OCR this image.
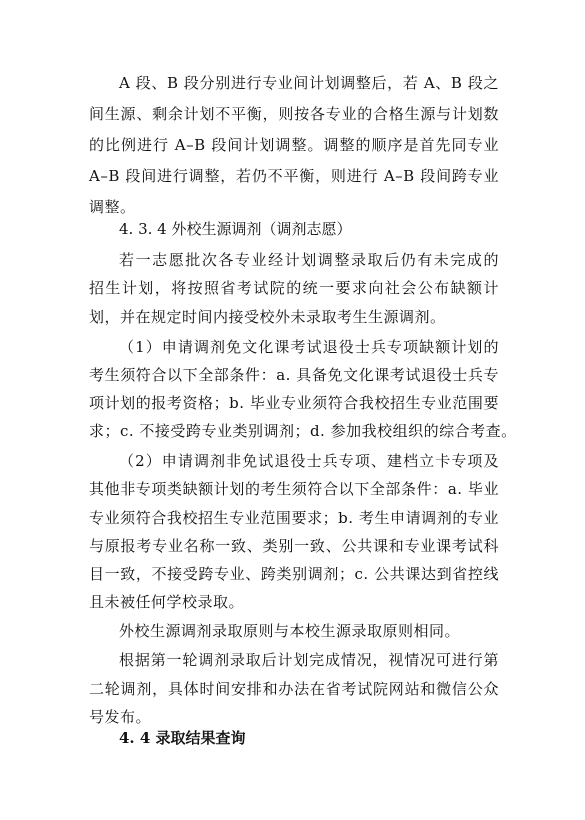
A 段、B 段分别进行专业间计划调整后，若 A、B 段之
间生源、剩余计划不平衡，则按各专业的合格生源与计划数
的比例进行 A–B 段间计划调整。调整的顺序是首先同专业
A–B 段间进行调整，若仍不平衡，则进行 A–B 段间跨专业
调整。
4. 3. 4 外校生源调剂（调剂志愿）
若一志愿批次各专业经计划调整录取后仍有未完成的
招生计划，将按照省考试院的统一要求向社会公布缺额计
划，并在规定时间内接受校外未录取考生生源调剂。
（1）申请调剂免文化课考试退役士兵专项缺额计划的
考生须符合以下全部条件：a. 具备免文化课考试退役士兵专
项计划的报考资格；b. 毕业专业须符合我校招生专业范围要
求；c. 不接受跨专业类别调剂；d. 参加我校组织的综合考查。
（2）申请调剂非免试退役士兵专项、建档立卡专项及
其他非专项类缺额计划的考生须符合以下全部条件：a. 毕业
专业须符合我校招生专业范围要求；b. 考生申请调剂的专业
与原报考专业名称一致、类别一致、公共课和专业课考试科
目一致，不接受跨专业、跨类别调剂；c. 公共课达到省控线
且未被任何学校录取。
外校生源调剂录取原则与本校生源录取原则相同。
根据第一轮调剂录取后计划完成情况，视情况可进行第
二轮调剂，具体时间安排和办法在省考试院网站和微信公众
号发布。
4. 4 录取结果查询
